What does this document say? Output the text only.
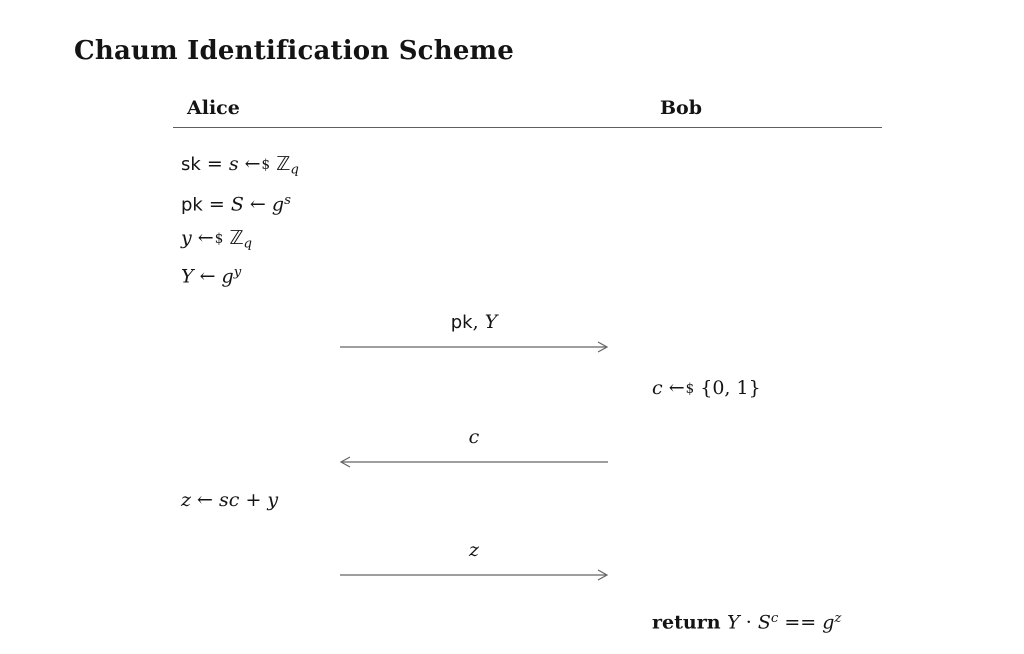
Chaum Identification Scheme
Alice	Bob
sk = s ←$ ℤ$_q$
pk = S ← $g^s$
y ←$ ℤ$_q$
Y ← $g^y$
pk, Y
c ←$ {0, 1}
c
z ← sc + y
z
return $Y \cdot S^c == g^z$
